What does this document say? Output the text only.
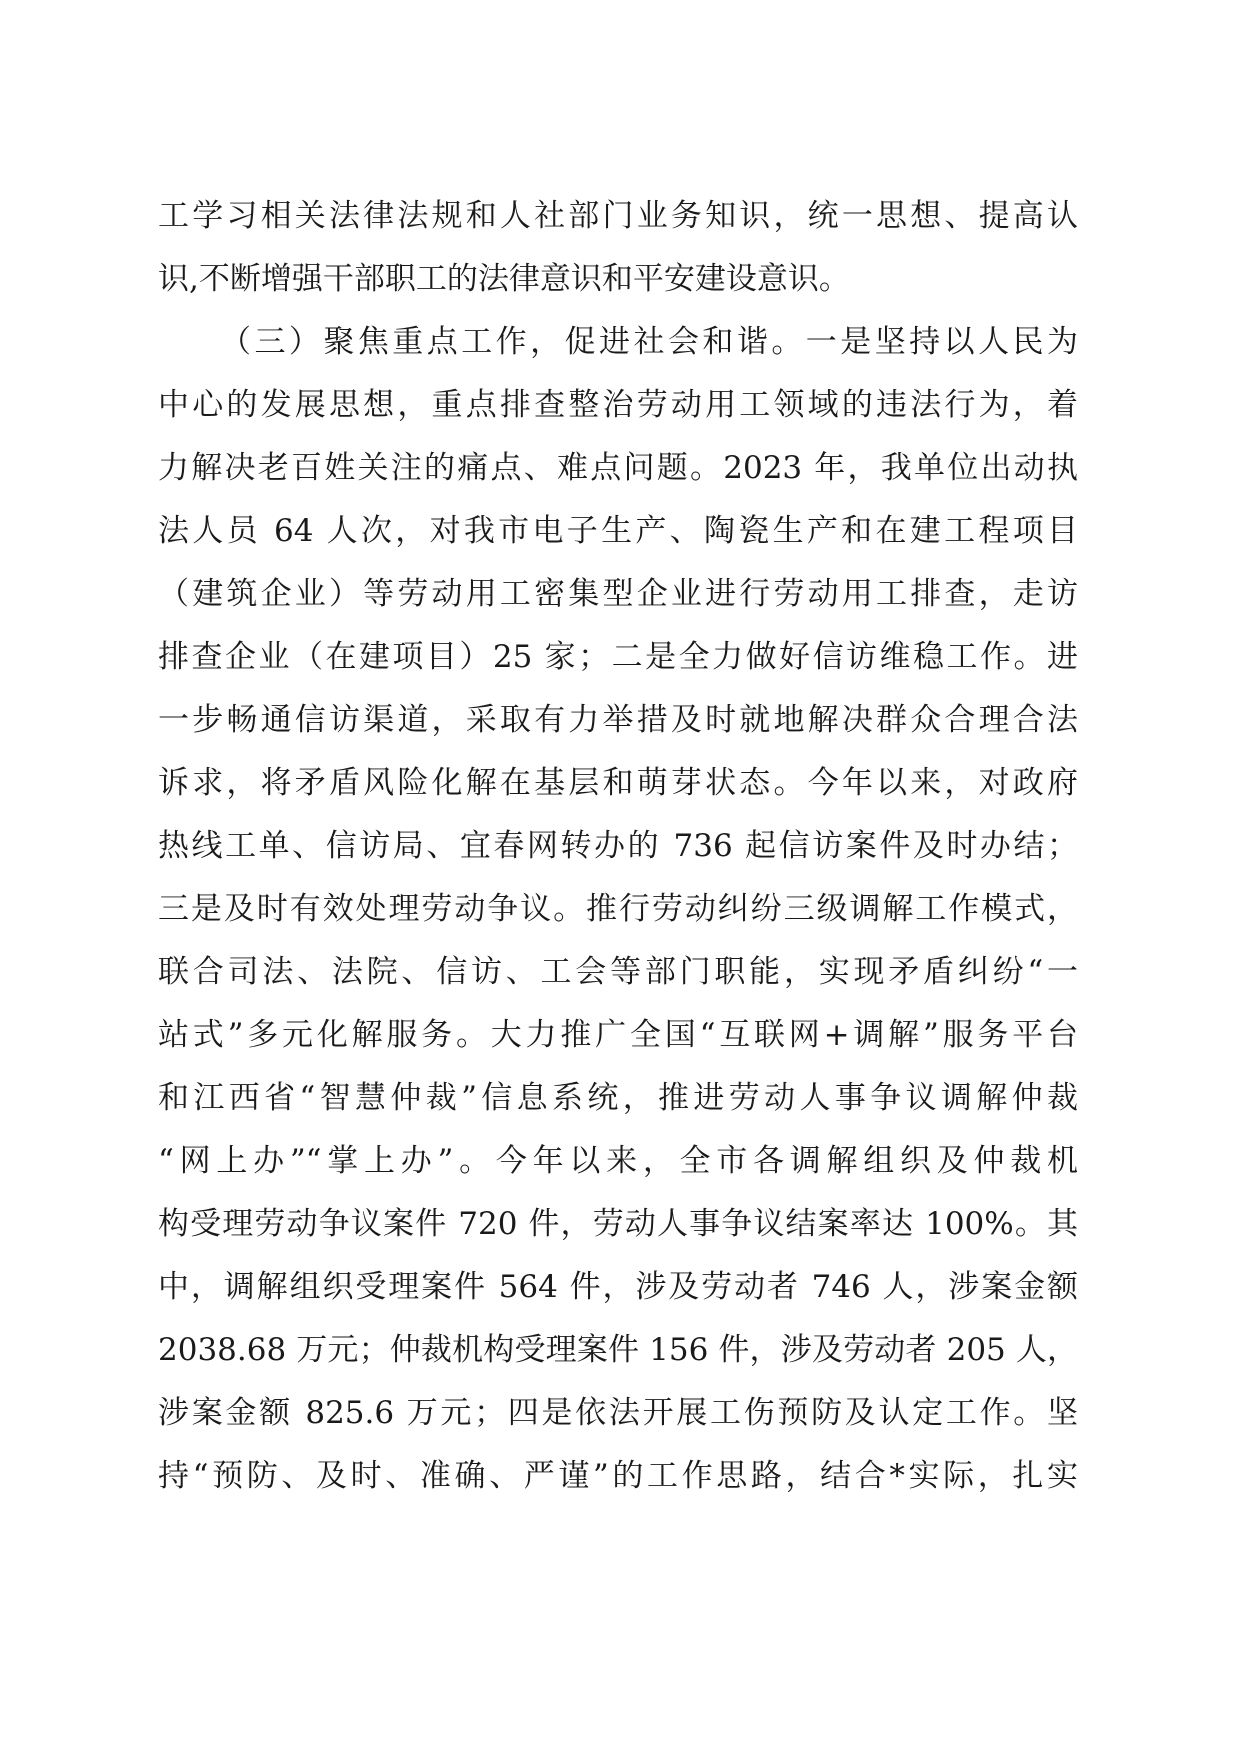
工学习相关法律法规和人社部门业务知识，统一思想、提高认
识,不断增强干部职工的法律意识和平安建设意识。
（三）聚焦重点工作，促进社会和谐。一是坚持以人民为
中心的发展思想，重点排查整治劳动用工领域的违法行为，着
力解决老百姓关注的痛点、难点问题。2023 年，我单位出动执
法人员 64 人次，对我市电子生产、陶瓷生产和在建工程项目
（建筑企业）等劳动用工密集型企业进行劳动用工排查，走访
排查企业（在建项目）25 家；二是全力做好信访维稳工作。进
一步畅通信访渠道，采取有力举措及时就地解决群众合理合法
诉求，将矛盾风险化解在基层和萌芽状态。今年以来，对政府
热线工单、信访局、宜春网转办的 736 起信访案件及时办结；
三是及时有效处理劳动争议。推行劳动纠纷三级调解工作模式，
联合司法、法院、信访、工会等部门职能，实现矛盾纠纷“一
站式”多元化解服务。大力推广全国“互联网+调解”服务平台
和江西省“智慧仲裁”信息系统，推进劳动人事争议调解仲裁
“网上办”“掌上办”。今年以来，全市各调解组织及仲裁机
构受理劳动争议案件 720 件，劳动人事争议结案率达 100%。其
中，调解组织受理案件 564 件，涉及劳动者 746 人，涉案金额
2038.68 万元；仲裁机构受理案件 156 件，涉及劳动者 205 人，
涉案金额 825.6 万元；四是依法开展工伤预防及认定工作。坚
持“预防、及时、准确、严谨”的工作思路，结合*实际，扎实
